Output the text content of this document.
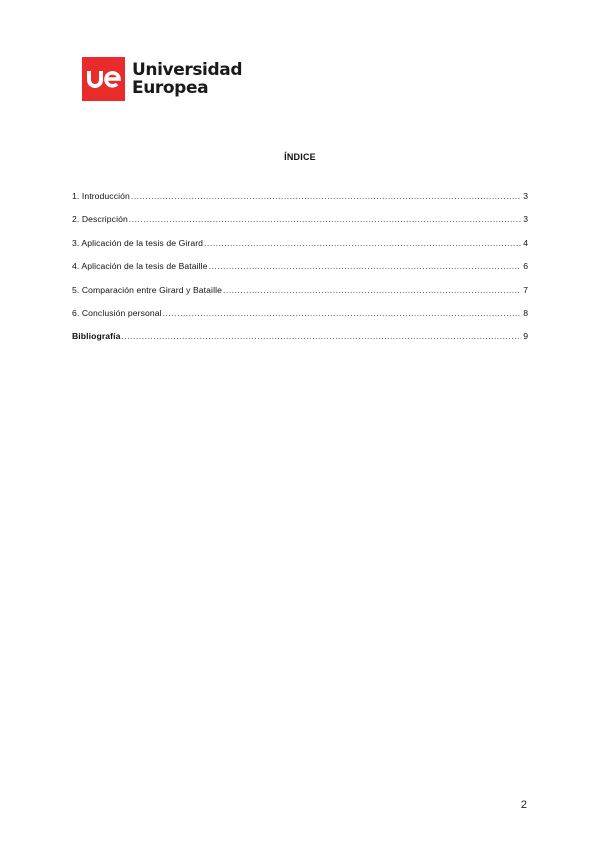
Universidad
Europea
ÍNDICE
1. Introducción .....	3
2. Descripción .....	3
3. Aplicación de la tesis de Girard .....	4
4. Aplicación de la tesis de Bataille .....	6
5. Comparación entre Girard y Bataille .....	7
6. Conclusión personal .....	8
Bibliografía .....	9
2
